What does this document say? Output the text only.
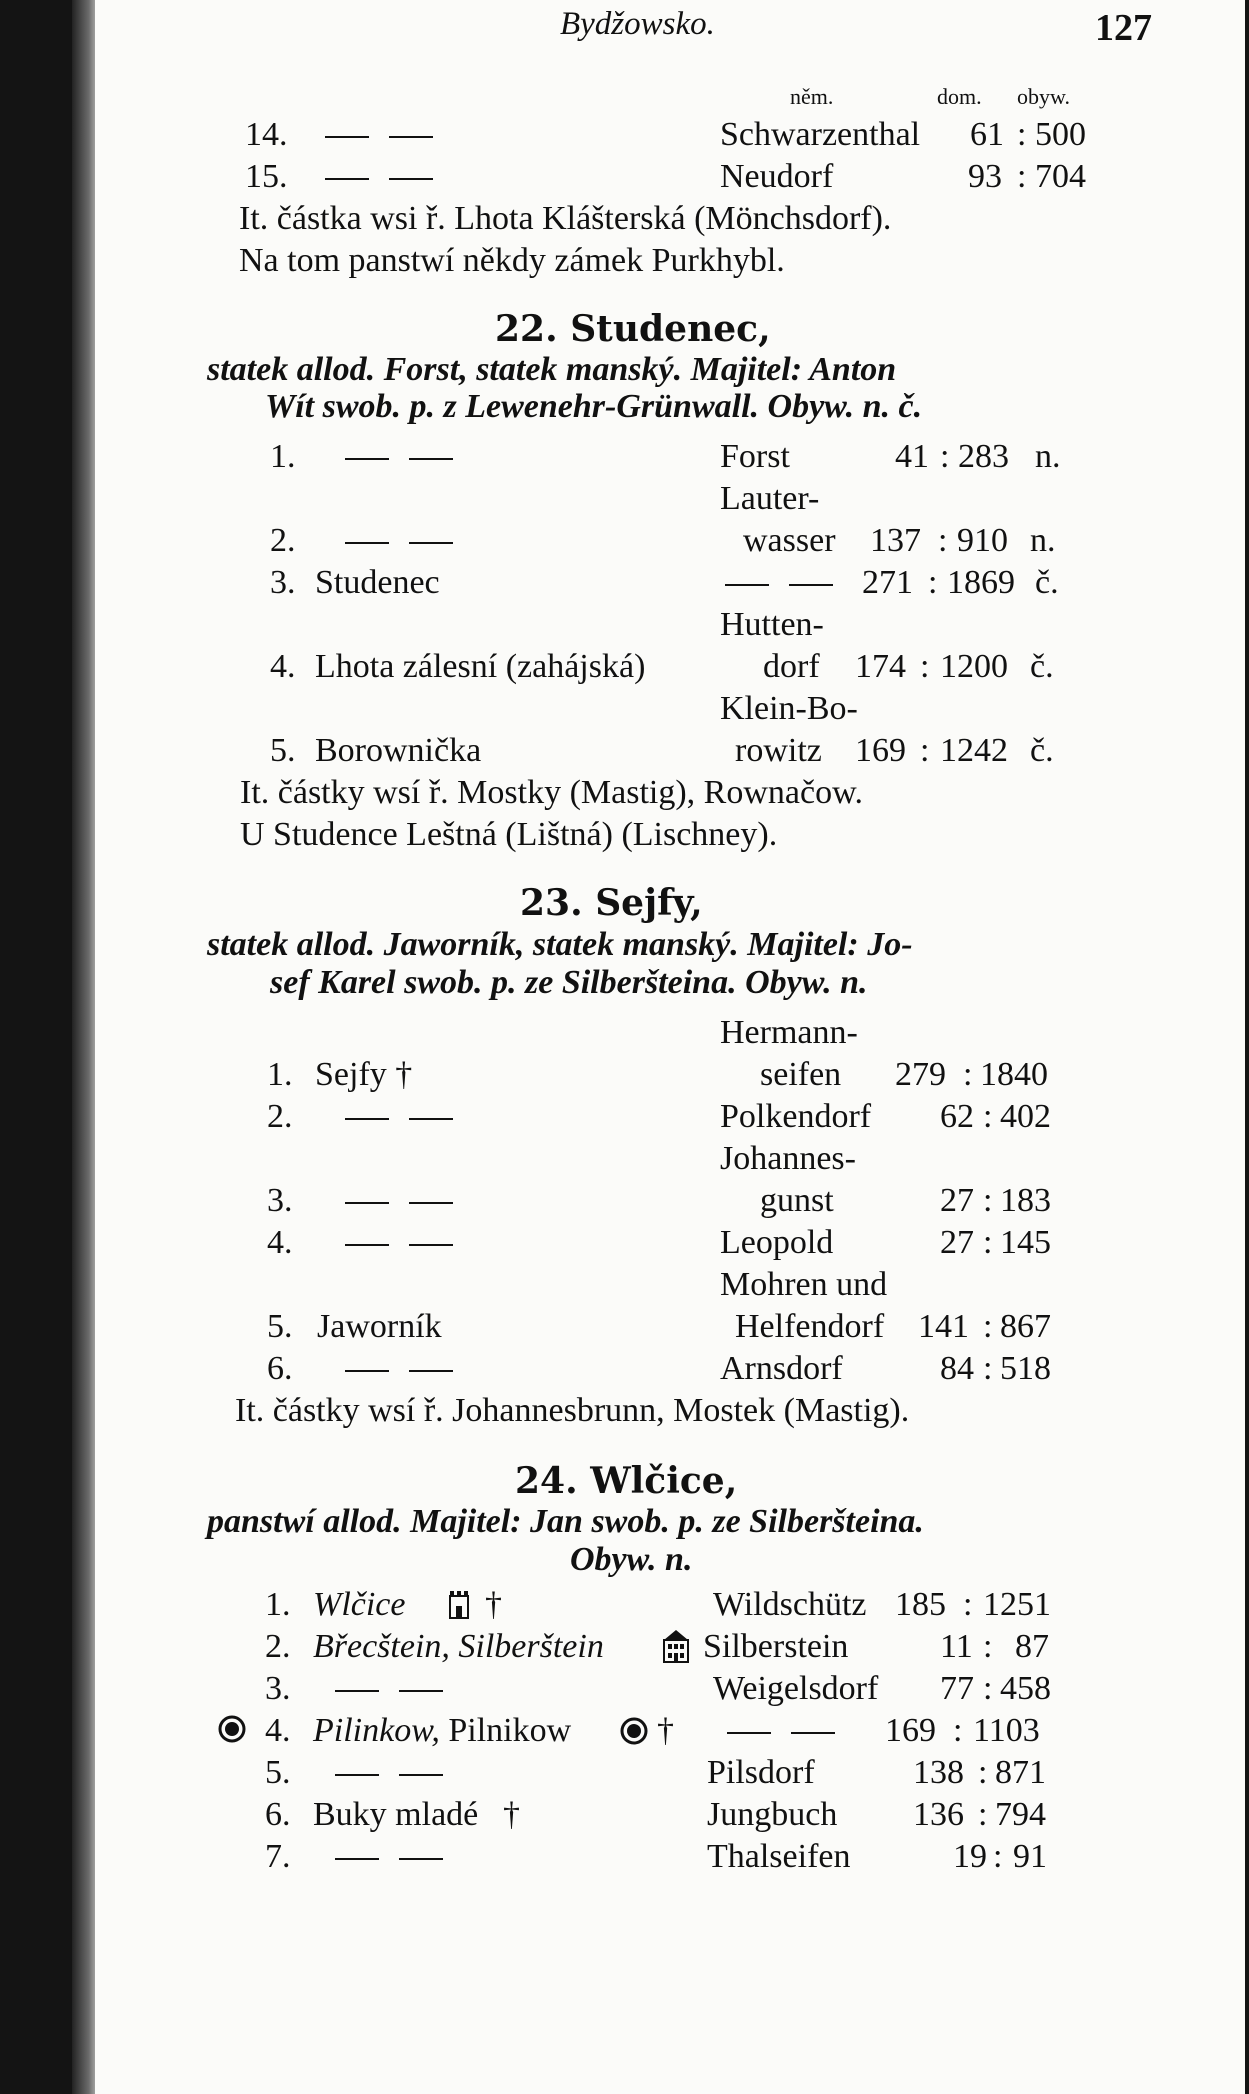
Bydžowsko.	127
něm.	dom. obyw.
14.	Schwarzenthal 61 : 500
15.	Neudorf	93 : 704
It. částka wsi ř. Lhota Klášterská (Mönchsdorf).
Na tom panstwí někdy zámek Purkhybl.
22. Studenec,
statek allod. Forst, statek manský. Majitel: Anton
Wít swob. p. z Lewenehr-Grünwall. Obyw. n. č.
1.	Forst	41 : 283 n.
Lauter-
2.	wasser 137 : 910 n.
3. Studenec	271 : 1869 č.
Hutten-
4. Lhota zálesní (zahájská)	dorf 174 : 1200 č.
Klein-Bo-
5. Borownička	rowitz 169 : 1242 č.
It. částky wsí ř. Mostky (Mastig), Rownačow.
U Studence Leštná (Lištná) (Lischney).
23. Sejfy,
statek allod. Jaworník, statek manský. Majitel: Jo-
sef Karel swob. p. ze Silberšteina. Obyw. n.
Hermann-
1. Sejfy †	seifen 279 : 1840
2.	Polkendorf 62 : 402
Johannes-
3.	gunst	27 : 183
4.	Leopold	27 : 145
Mohren und
5. Jaworník	Helfendorf 141 : 867
6.	Arnsdorf	84 : 518
It. částky wsí ř. Johannesbrunn, Mostek (Mastig).
24. Wlčice,
panstwí allod. Majitel: Jan swob. p. ze Silberšteina.
Obyw. n.
1. Wlčice †	Wildschütz 185 : 1251
2. Břecštein, Silberštein	Silberstein	11 : 87
3.	Weigelsdorf 77 : 458
4. Pilinkow, Pilnikow	†	169 : 1103
5.	Pilsdorf	138 : 871
6. Buky mladé †	Jungbuch 136 : 794
7.	Thalseifen	19 : 91
